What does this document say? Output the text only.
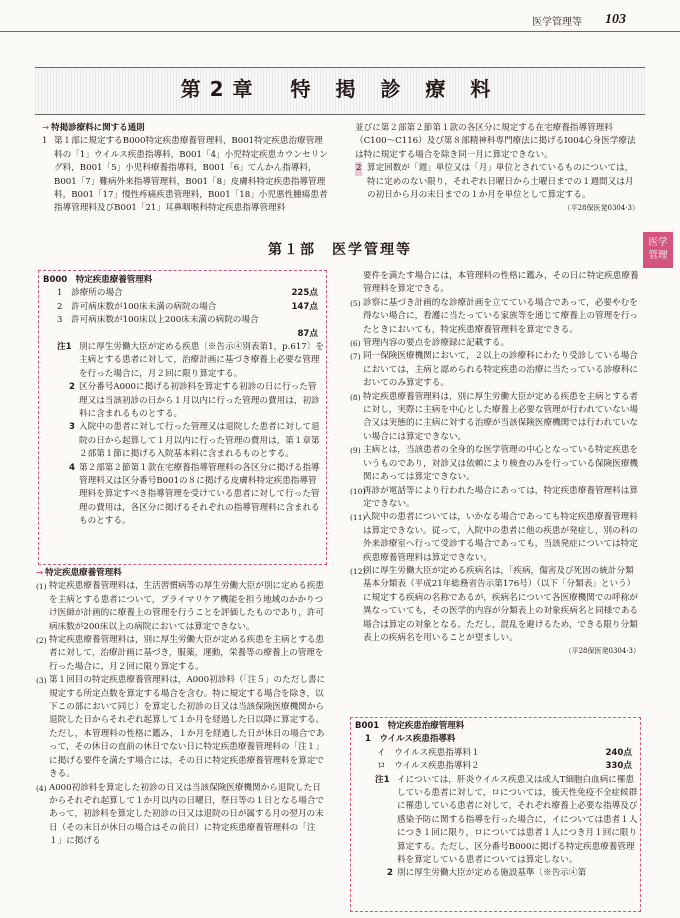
医学管理等 103
第2章　特 掲 診 療 料
医学
管理

→ 特掲診療料に関する通則

1 第１部に規定するB000特定疾患療養管理料，B001特定疾患治療管理料の「1」ウイルス疾患指導料，B001「4」小児特定疾患カウンセリング料，B001「5」小児科療養指導料，B001「6」てんかん指導料，B001「7」難病外来指導管理料，B001「8」皮膚科特定疾患指導管理料，B001「17」慢性疼痛疾患管理料，B001「18」小児悪性腫瘍患者指導管理料及びB001「21」耳鼻咽喉科特定疾患指導管理料

並びに第２部第２節第１款の各区分に規定する在宅療養指導管理料（C100～C116）及び第８部精神科専門療法に掲げるI004心身医学療法は特に規定する場合を除き同一月に算定できない。

2 算定回数が「週」単位又は「月」単位とされているものについては，特に定めのない限り，それぞれ日曜日から土曜日までの１週間又は月の初日から月の末日までの１か月を単位として算定する。

（平28保医発0304·3）
第１部　医学管理等
B000　 特定疾患療養管理料
1　 診療所の場合	225点
2　 許可病床数が100床未満の病院の場合	147点
3　 許可病床数が100床以上200床未満の病院の場合
87点
注1 別に厚生労働大臣が定める疾患〔※告示④別表第1，p.617〕を主病とする患者に対して，治療計画に基づき療養上必要な管理を行った場合に，月２回に限り算定する。
2 区分番号A000に掲げる初診料を算定する初診の日に行った管理又は当該初診の日から１月以内に行った管理の費用は，初診料に含まれるものとする。
3 入院中の患者に対して行った管理又は退院した患者に対して退院の日から起算して１月以内に行った管理の費用は，第１章第２部第１節に掲げる入院基本料に含まれるものとする。
4 第２部第２節第１款在宅療養指導管理料の各区分に掲げる指導管理料又は区分番号B001の８に掲げる皮膚科特定疾患指導管理料を算定すべき指導管理を受けている患者に対して行った管理の費用は，各区分に掲げるそれぞれの指導管理料に含まれるものとする。

→ 特定疾患療養管理料

(1) 特定疾患療養管理料は，生活習慣病等の厚生労働大臣が別に定める疾患を主病とする患者について，プライマリケア機能を担う地域のかかりつけ医師が計画的に療養上の管理を行うことを評価したものであり，許可病床数が200床以上の病院においては算定できない。
(2) 特定疾患療養管理料は，別に厚生労働大臣が定める疾患を主病とする患者に対して，治療計画に基づき，服薬，運動，栄養等の療養上の管理を行った場合に，月２回に限り算定する。
(3) 第１回目の特定疾患療養管理料は，A000初診料（「注５」のただし書に規定する所定点数を算定する場合を含む。特に規定する場合を除き，以下この部において同じ）を算定した初診の日又は当該保険医療機関から退院した日からそれぞれ起算して１か月を経過した日以降に算定する。ただし，本管理料の性格に鑑み，１か月を経過した日が休日の場合であって，その休日の直前の休日でない日に特定疾患療養管理料の「注１」に掲げる要件を満たす場合には，その日に特定疾患療養管理料を算定できる。
(4) A000初診料を算定した初診の日又は当該保険医療機関から退院した日からそれぞれ起算して１か月以内の日曜日，祭日等の１日となる場合であって，初診料を算定した初診の日又は退院の日が属する月の翌月の末日（その末日が休日の場合はその前日）に特定疾患療養管理料の「注１」に掲げる

要件を満たす場合には，本管理料の性格に鑑み，その日に特定疾患療養管理料を算定できる。

(5) 診察に基づき計画的な診療計画を立てている場合であって，必要やむを得ない場合に，看護に当たっている家族等を通じて療養上の管理を行ったときにおいても，特定疾患療養管理料を算定できる。
(6) 管理内容の要点を診療録に記載する。
(7) 同一保険医療機関において，２以上の診療科にわたり受診している場合においては，主病と認められる特定疾患の治療に当たっている診療科においてのみ算定する。
(8) 特定疾患療養管理料は，別に厚生労働大臣が定める疾患を主病とする者に対し，実際に主病を中心とした療養上必要な管理が行われていない場合又は実態的に主病に対する治療が当該保険医療機関では行われていない場合には算定できない。
(9) 主病とは，当該患者の全身的な医学管理の中心となっている特定疾患をいうものであり，対診又は依頼により検査のみを行っている保険医療機関にあっては算定できない。
(10)
再診が電話等により行われた場合にあっては，特定疾患療養管理料は算定できない。
(11)
入院中の患者については，いかなる場合であっても特定疾患療養管理料は算定できない。従って，入院中の患者に他の疾患が発症し，別の科の外来診療室へ行って受診する場合であっても，当該発症については特定疾患療養管理料は算定できない。
(12)
別に厚生労働大臣が定める疾病名は，「疾病，傷害及び死因の統計分類基本分類表（平成21年総務省告示第176号）（以下「分類表」という）に規定する疾病の名称であるが，疾病名について各医療機関での呼称が異なっていても，その医学的内容が分類表上の対象疾病名と同様である場合は算定の対象となる。ただし，混乱を避けるため，できる限り分類表上の疾病名を用いることが望ましい。
（平28保医発0304·3）
B001　 特定疾患治療管理料
1　 ウイルス疾患指導料
イ　 ウイルス疾患指導料１	240点
ロ　 ウイルス疾患指導料２	330点
注1 イについては，肝炎ウイルス疾患又は成人T細胞白血病に罹患している患者に対して，ロについては，後天性免疫不全症候群に罹患している患者に対して，それぞれ療養上必要な指導及び感染予防に関する指導を行った場合に，イについては患者１人につき１回に限り，ロについては患者１人につき月１回に限り算定する。ただし，区分番号B000に掲げる特定疾患療養管理料を算定している患者については算定しない。
2 別に厚生労働大臣が定める施設基準〔※告示④第
